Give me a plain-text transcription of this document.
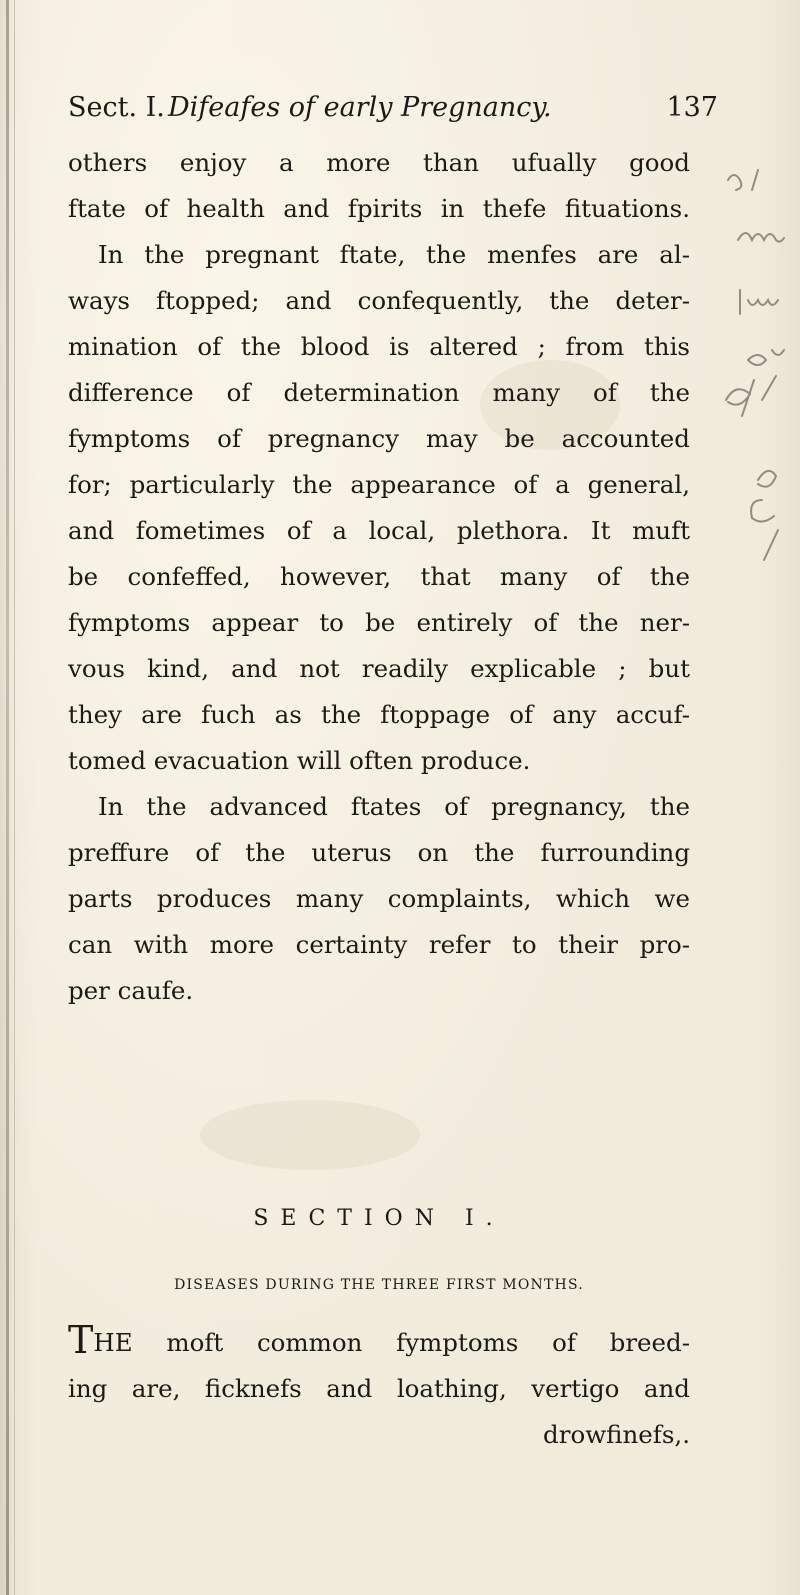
Sect. I. Difeafes of early Pregnancy.	137
others enjoy a more than ufually good
ftate of health and fpirits in thefe fituations.
In the pregnant ftate, the menfes are al-
ways ftopped; and confequently, the deter-
mination of the blood is altered ; from this
difference of determination many of the
fymptoms of pregnancy may be accounted
for; particularly the appearance of a general,
and fometimes of a local, plethora. It muft
be confeffed, however, that many of the
fymptoms appear to be entirely of the ner-
vous kind, and not readily explicable ; but
they are fuch as the ftoppage of any accuf-
tomed evacuation will often produce.
In the advanced ftates of pregnancy, the
preffure of the uterus on the furrounding
parts produces many complaints, which we
can with more certainty refer to their pro-
per caufe.
SECTION I.
DISEASES DURING THE THREE FIRST MONTHS.
THE moft common fymptoms of breed-
ing are, ficknefs and loathing, vertigo and
drowfinefs,.
